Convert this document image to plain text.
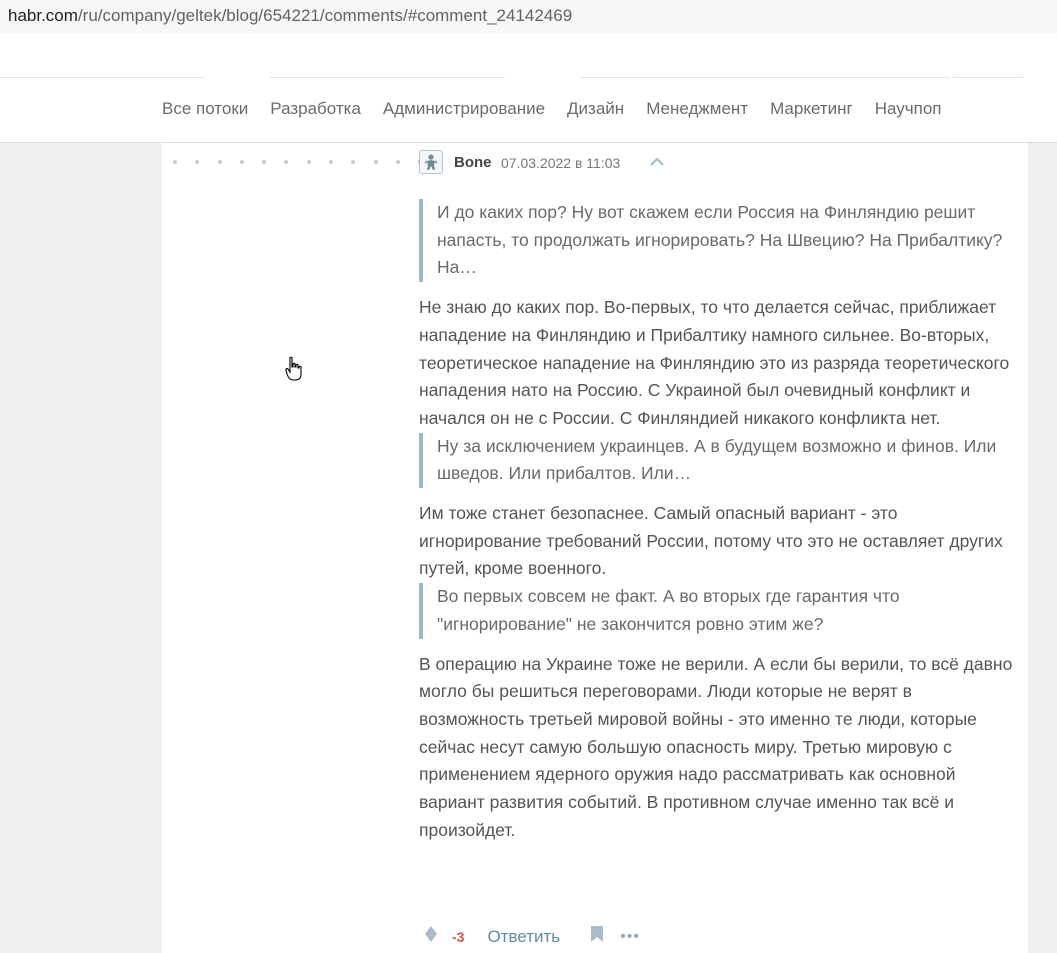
habr.com/ru/company/geltek/blog/654221/comments/#comment_24142469
Все потоки Разработка Администрирование Дизайн Менеджмент Маркетинг Научпоп
Bone 07.03.2022 в 11:03

И до каких пор? Ну вот скажем если Россия на Финляндию решит напасть, то продолжать игнорировать? На Швецию? На Прибалтику? На…

Не знаю до каких пор. Во-первых, то что делается сейчас, приближает нападение на Финляндию и Прибалтику намного сильнее. Во-вторых, теоретическое нападение на Финляндию это из разряда теоретического нападения нато на Россию. С Украиной был очевидный конфликт и начался он не с России. С Финляндией никакого конфликта нет.

Ну за исключением украинцев. А в будущем возможно и финов. Или шведов. Или прибалтов. Или…

Им тоже станет безопаснее. Самый опасный вариант - это игнорирование требований России, потому что это не оставляет других путей, кроме военного.

Во первых совсем не факт. А во вторых где гарантия что "игнорирование" не закончится ровно этим же?

В операцию на Украине тоже не верили. А если бы верили, то всё давно могло бы решиться переговорами. Люди которые не верят в возможность третьей мировой войны - это именно те люди, которые сейчас несут самую большую опасность миру. Третью мировую с применением ядерного оружия надо рассматривать как основной вариант развития событий. В противном случае именно так всё и произойдет.

-3 Ответить	•••
